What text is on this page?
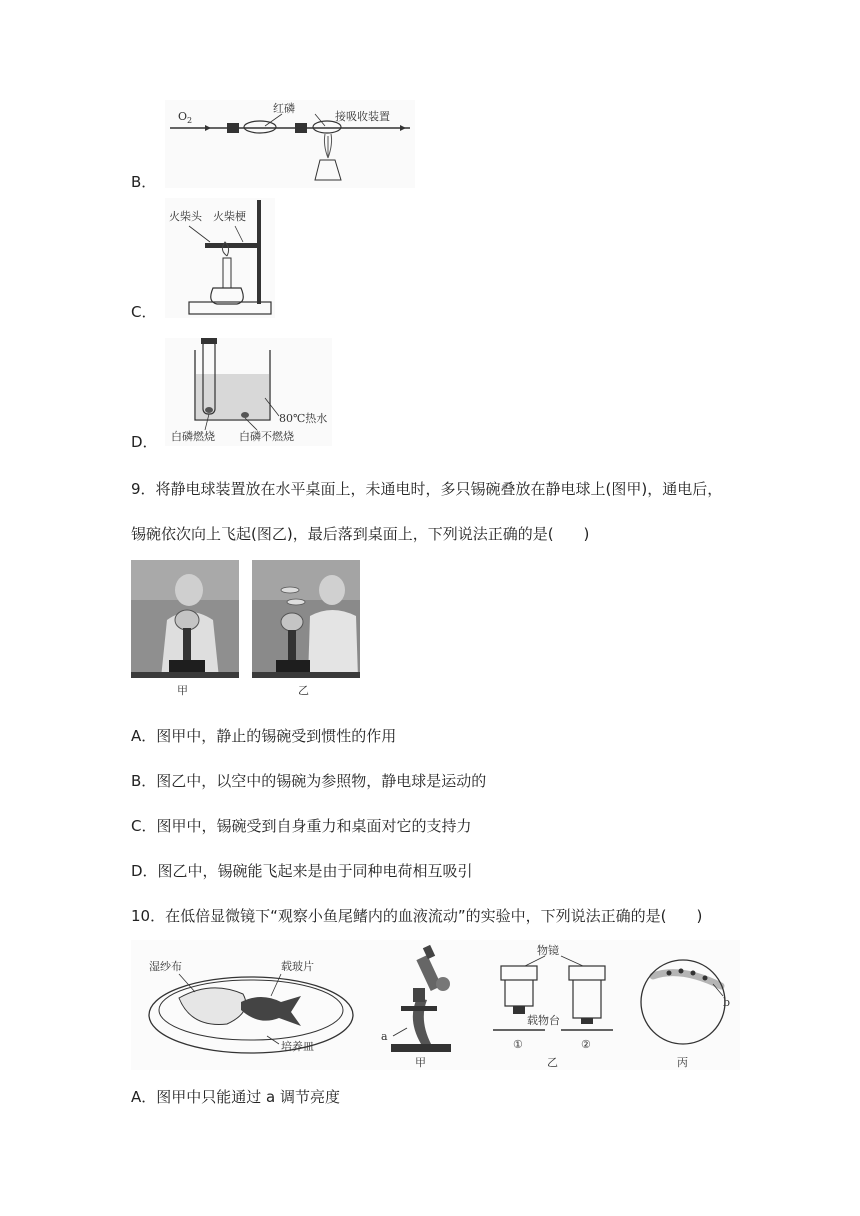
B．
$O_2$
红磷
接吸收装置
C．
火柴头 火柴梗
D．
80℃热水
白磷燃烧 白磷不燃烧
9．将静电球装置放在水平桌面上，未通电时，多只锡碗叠放在静电球上(图甲)，通电后，
锡碗依次向上飞起(图乙)，最后落到桌面上，下列说法正确的是(　　)
甲	乙
A．图甲中，静止的锡碗受到惯性的作用
B．图乙中，以空中的锡碗为参照物，静电球是运动的
C．图甲中，锡碗受到自身重力和桌面对它的支持力
D．图乙中，锡碗能飞起来是由于同种电荷相互吸引
10．在低倍显微镜下“观察小鱼尾鳍内的血液流动”的实验中，下列说法正确的是(　　)
湿纱布	载玻片
培养皿
a
甲
物镜
载物台
①	②
乙
b
丙
A．图甲中只能通过 a 调节亮度
